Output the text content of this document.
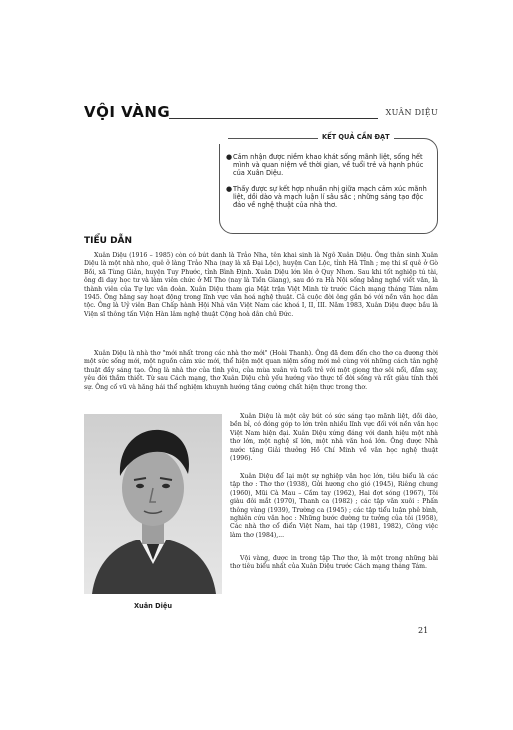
VỘI VÀNG	XUÂN DIỆU
KẾT QUẢ CẦN ĐẠT
● Cảm nhận được niềm khao khát sống mãnh liệt, sống hết mình và quan niệm về thời gian, về tuổi trẻ và hạnh phúc của Xuân Diệu.
● Thấy được sự kết hợp nhuần nhị giữa mạch cảm xúc mãnh liệt, dồi dào và mạch luận lí sâu sắc ; những sáng tạo độc đáo về nghệ thuật của nhà thơ.
TIỂU DẪN

Xuân Diệu (1916 – 1985) còn có bút danh là Trảo Nha, tên khai sinh là Ngô Xuân Diệu. Ông thân sinh Xuân Diệu là một nhà nho, quê ở làng Trảo Nha (nay là xã Đại Lộc), huyện Can Lộc, tỉnh Hà Tĩnh ; mẹ thi sĩ quê ở Gò Bồi, xã Tùng Giản, huyện Tuy Phước, tỉnh Bình Định. Xuân Diệu lớn lên ở Quy Nhơn. Sau khi tốt nghiệp tú tài, ông đi dạy học tư và làm viên chức ở Mĩ Tho (nay là Tiền Giang), sau đó ra Hà Nội sống bằng nghề viết văn, là thành viên của Tự lực văn đoàn. Xuân Diệu tham gia Mặt trận Việt Minh từ trước Cách mạng tháng Tám năm 1945. Ông hăng say hoạt động trong lĩnh vực văn hoá nghệ thuật. Cả cuộc đời ông gắn bó với nền văn học dân tộc. Ông là Uỷ viên Ban Chấp hành Hội Nhà văn Việt Nam các khoá I, II, III. Năm 1983, Xuân Diệu được bầu là Viện sĩ thông tấn Viện Hàn lâm nghệ thuật Cộng hoà dân chủ Đức.

Xuân Diệu là nhà thơ "mới nhất trong các nhà thơ mới" (Hoài Thanh). Ông đã đem đến cho thơ ca đương thời một sức sống mới, một nguồn cảm xúc mới, thể hiện một quan niệm sống mới mẻ cùng với những cách tân nghệ thuật đầy sáng tạo. Ông là nhà thơ của tình yêu, của mùa xuân và tuổi trẻ với một giọng thơ sôi nổi, đắm say, yêu đời thắm thiết. Từ sau Cách mạng, thơ Xuân Diệu chủ yếu hướng vào thực tế đời sống và rất giàu tính thời sự. Ông cố vũ và hăng hái thể nghiệm khuynh hướng tăng cường chất hiện thực trong thơ.

Xuân Diệu

Xuân Diệu là một cây bút có sức sáng tạo mãnh liệt, dồi dào, bền bỉ, có đóng góp to lớn trên nhiều lĩnh vực đối với nền văn học Việt Nam hiện đại. Xuân Diệu xứng đáng với danh hiệu một nhà thơ lớn, một nghệ sĩ lớn, một nhà văn hoá lớn. Ông được Nhà nước tặng Giải thưởng Hồ Chí Minh về văn học nghệ thuật (1996).

Xuân Diệu để lại một sự nghiệp văn học lớn, tiêu biểu là các tập thơ : Thơ thơ (1938), Gửi hương cho gió (1945), Riêng chung (1960), Mũi Cà Mau – Cầm tay (1962), Hai đợt sóng (1967), Tôi giàu đôi mắt (1970), Thanh ca (1982) ; các tập văn xuôi : Phấn thông vàng (1939), Trường ca (1945) ; các tập tiểu luận phê bình, nghiên cứu văn học : Những bước đường tư tưởng của tôi (1958), Các nhà thơ cổ điển Việt Nam, hai tập (1981, 1982), Công việc làm thơ (1984),...

Vội vàng, được in trong tập Thơ thơ, là một trong những bài thơ tiêu biểu nhất của Xuân Diệu trước Cách mạng tháng Tám.

21
